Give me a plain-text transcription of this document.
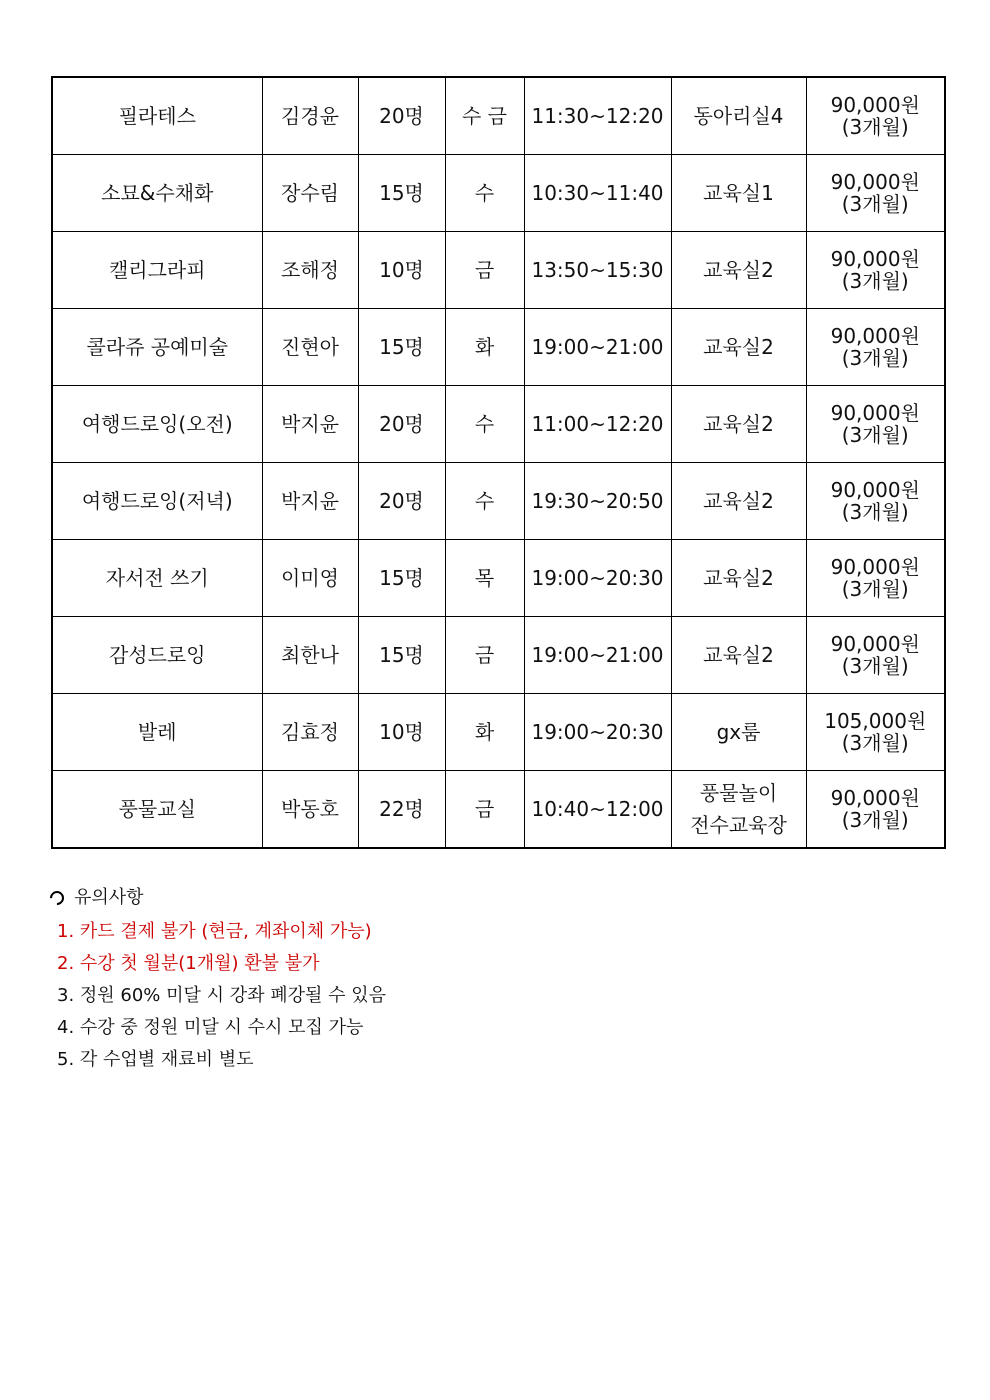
필라테스	김경윤	20명	수 금	11:30~12:20	동아리실4	90,000원
(3개월)

소묘&수채화	장수림	15명	수	10:30~11:40	교육실1	90,000원
(3개월)

캘리그라피	조해정	10명	금	13:50~15:30	교육실2	90,000원
(3개월)

콜라쥬 공예미술	진현아	15명	화	19:00~21:00	교육실2	90,000원
(3개월)

여행드로잉(오전)	박지윤	20명	수	11:00~12:20	교육실2	90,000원
(3개월)

여행드로잉(저녁)	박지윤	20명	수	19:30~20:50	교육실2	90,000원
(3개월)

자서전 쓰기	이미영	15명	목	19:00~20:30	교육실2	90,000원
(3개월)

감성드로잉	최한나	15명	금	19:00~21:00	교육실2	90,000원
(3개월)

발레	김효정	10명	화	19:00~20:30	gx룸	105,000원
(3개월)

풍물교실	박동호	22명	금	10:40~12:00	풍물놀이
전수교육장	90,000원
(3개월)
유의사항
1. 카드 결제 불가 (현금, 계좌이체 가능)
2. 수강 첫 월분(1개월) 환불 불가
3. 정원 60% 미달 시 강좌 폐강될 수 있음
4. 수강 중 정원 미달 시 수시 모집 가능
5. 각 수업별 재료비 별도
